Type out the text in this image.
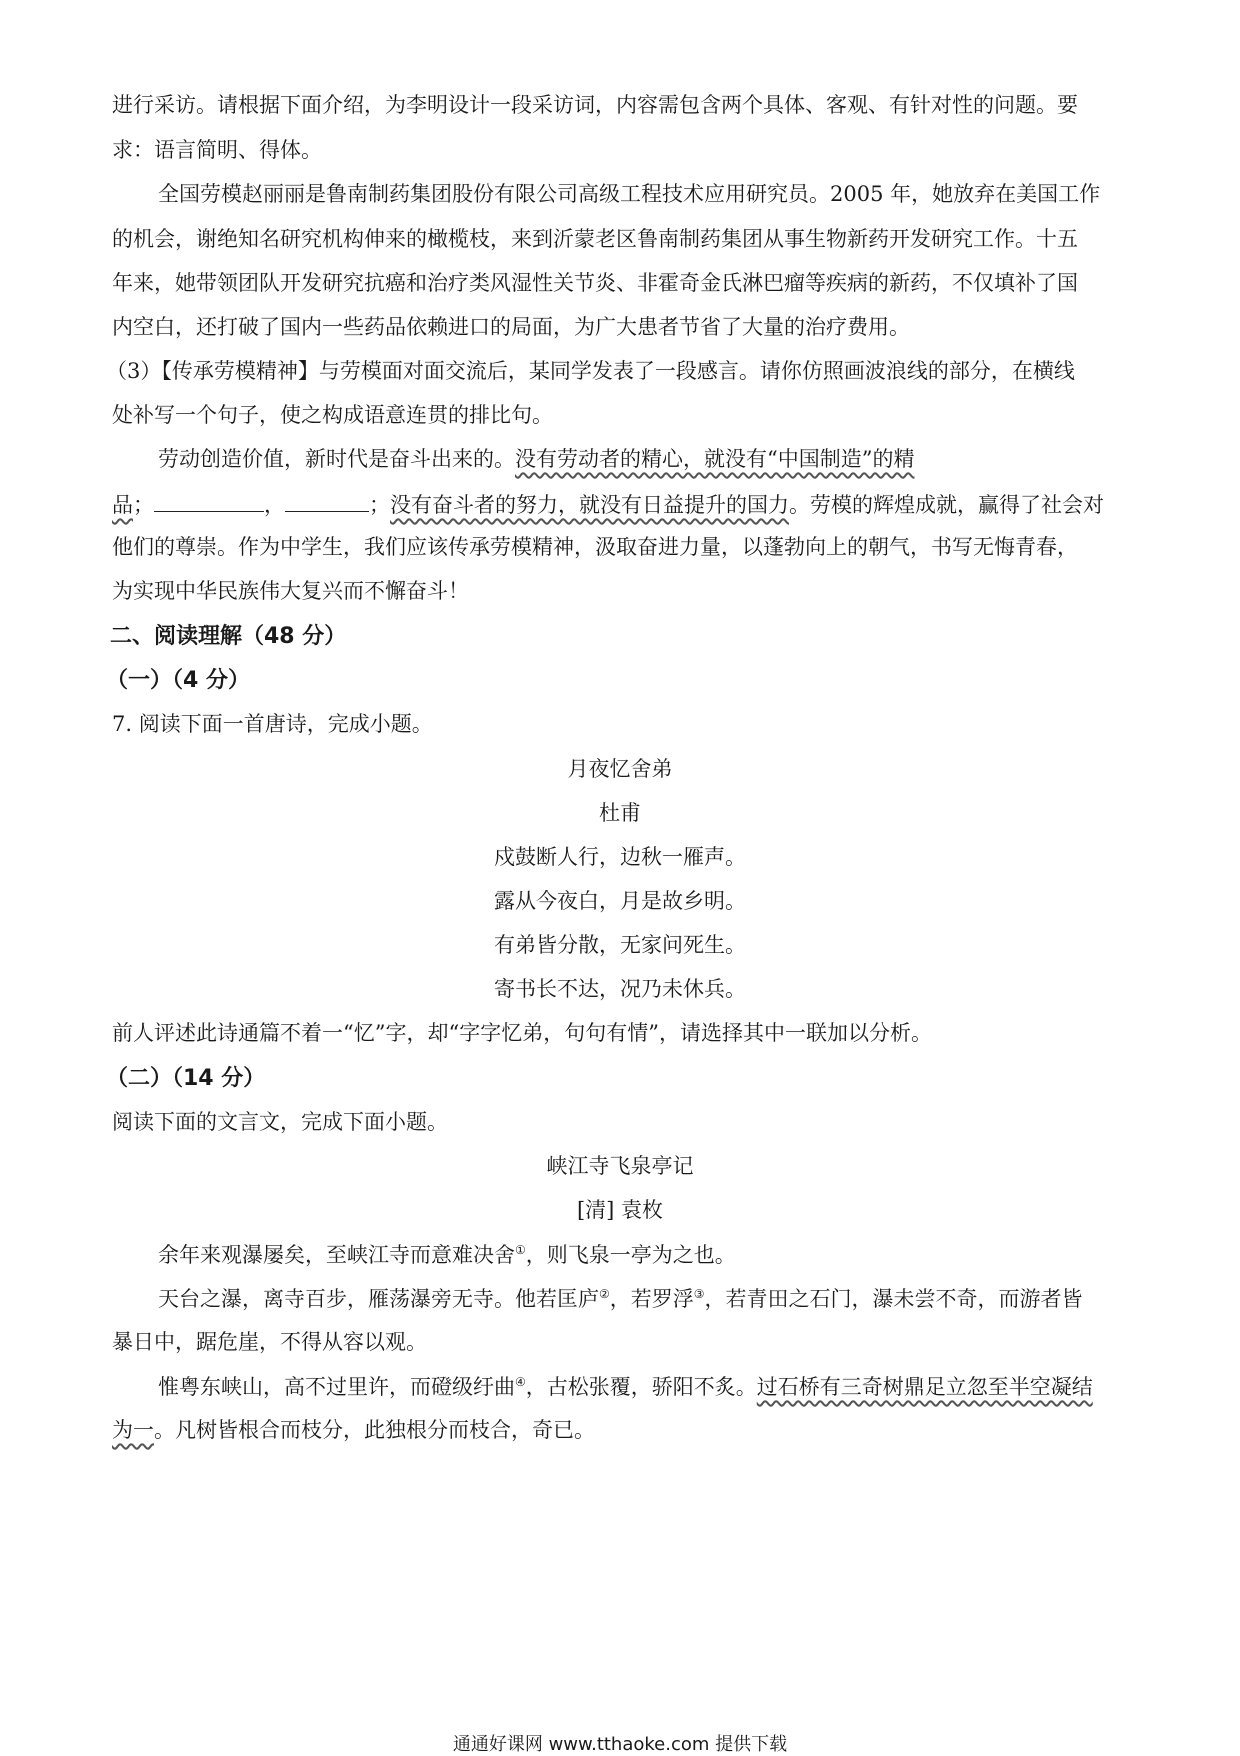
进行采访。请根据下面介绍，为李明设计一段采访词，内容需包含两个具体、客观、有针对性的问题。要
求：语言简明、得体。
全国劳模赵丽丽是鲁南制药集团股份有限公司高级工程技术应用研究员。2005 年，她放弃在美国工作
的机会，谢绝知名研究机构伸来的橄榄枝，来到沂蒙老区鲁南制药集团从事生物新药开发研究工作。十五
年来，她带领团队开发研究抗癌和治疗类风湿性关节炎、非霍奇金氏淋巴瘤等疾病的新药，不仅填补了国
内空白，还打破了国内一些药品依赖进口的局面，为广大患者节省了大量的治疗费用。
（3）【传承劳模精神】与劳模面对面交流后，某同学发表了一段感言。请你仿照画波浪线的部分，在横线
处补写一个句子，使之构成语意连贯的排比句。
劳动创造价值，新时代是奋斗出来的。没有劳动者的精心，就没有“中国制造”的精
品；	，	；没有奋斗者的努力，就没有日益提升的国力。劳模的辉煌成就，赢得了社会对
他们的尊崇。作为中学生，我们应该传承劳模精神，汲取奋进力量，以蓬勃向上的朝气，书写无悔青春，
为实现中华民族伟大复兴而不懈奋斗！
二、阅读理解（48 分）
（一）（4 分）
7. 阅读下面一首唐诗，完成小题。
月夜忆舍弟
杜甫
戍鼓断人行，边秋一雁声。
露从今夜白，月是故乡明。
有弟皆分散，无家问死生。
寄书长不达，况乃未休兵。
前人评述此诗通篇不着一“忆”字，却“字字忆弟，句句有情”，请选择其中一联加以分析。
（二）（14 分）
阅读下面的文言文，完成下面小题。
峡江寺飞泉亭记
[清] 袁枚
余年来观瀑屡矣，至峡江寺而意难决舍①，则飞泉一亭为之也。
天台之瀑，离寺百步，雁荡瀑旁无寺。他若匡庐②，若罗浮③，若青田之石门，瀑未尝不奇，而游者皆
暴日中，踞危崖，不得从容以观。
惟粤东峡山，高不过里许，而磴级纡曲④，古松张覆，骄阳不炙。过石桥有三奇树鼎足立忽至半空凝结
为一。凡树皆根合而枝分，此独根分而枝合，奇已。
通通好课网 www.tthaoke.com 提供下载
